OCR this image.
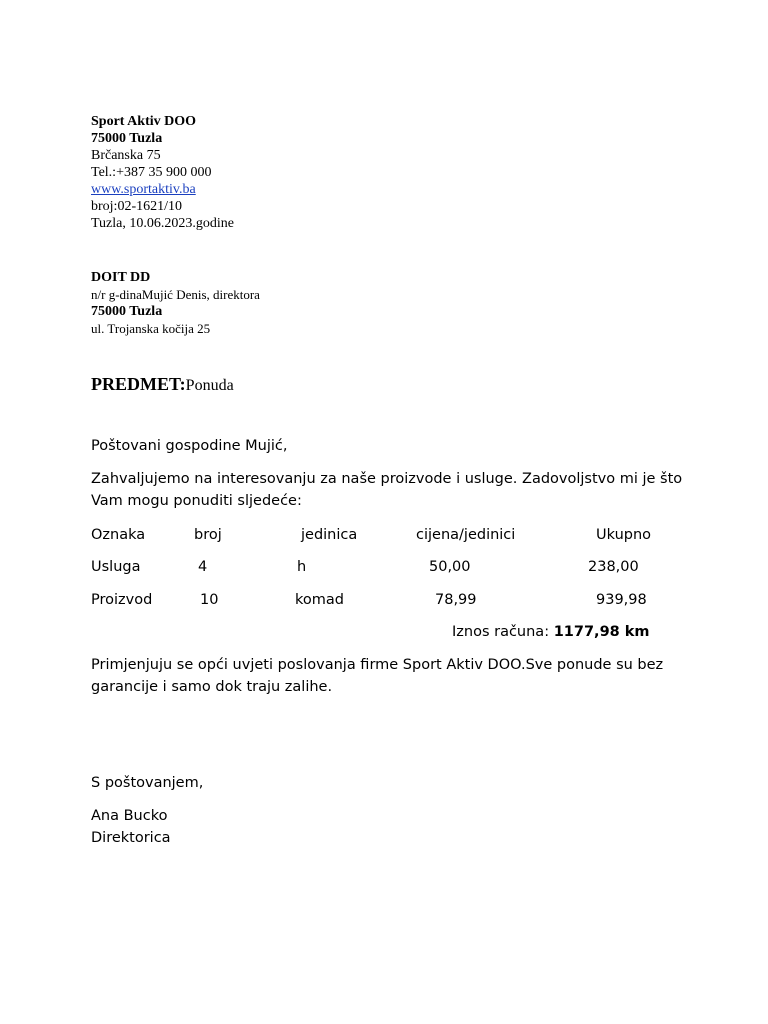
Sport Aktiv DOO
75000 Tuzla
Brčanska 75
Tel.:+387 35 900 000
www.sportaktiv.ba
broj:02-1621/10
Tuzla, 10.06.2023.godine
DOIT DD
n/r g-dinaMujić Denis, direktora
75000 Tuzla
ul. Trojanska kočija 25
PREDMET:Ponuda
Poštovani gospodine Mujić,
Zahvaljujemo na interesovanju za naše proizvode i usluge. Zadovoljstvo mi je što Vam mogu ponuditi sljedeće:
Oznaka	broj	jedinica	cijena/jedinici	Ukupno
Usluga	4	h	50,00	238,00
Proizvod	10	komad	78,99	939,98
Iznos računa: 1177,98 km
Primjenjuju se opći uvjeti poslovanja firme Sport Aktiv DOO.Sve ponude su bez garancije i samo dok traju zalihe.
S poštovanjem,
Ana Bucko
Direktorica
